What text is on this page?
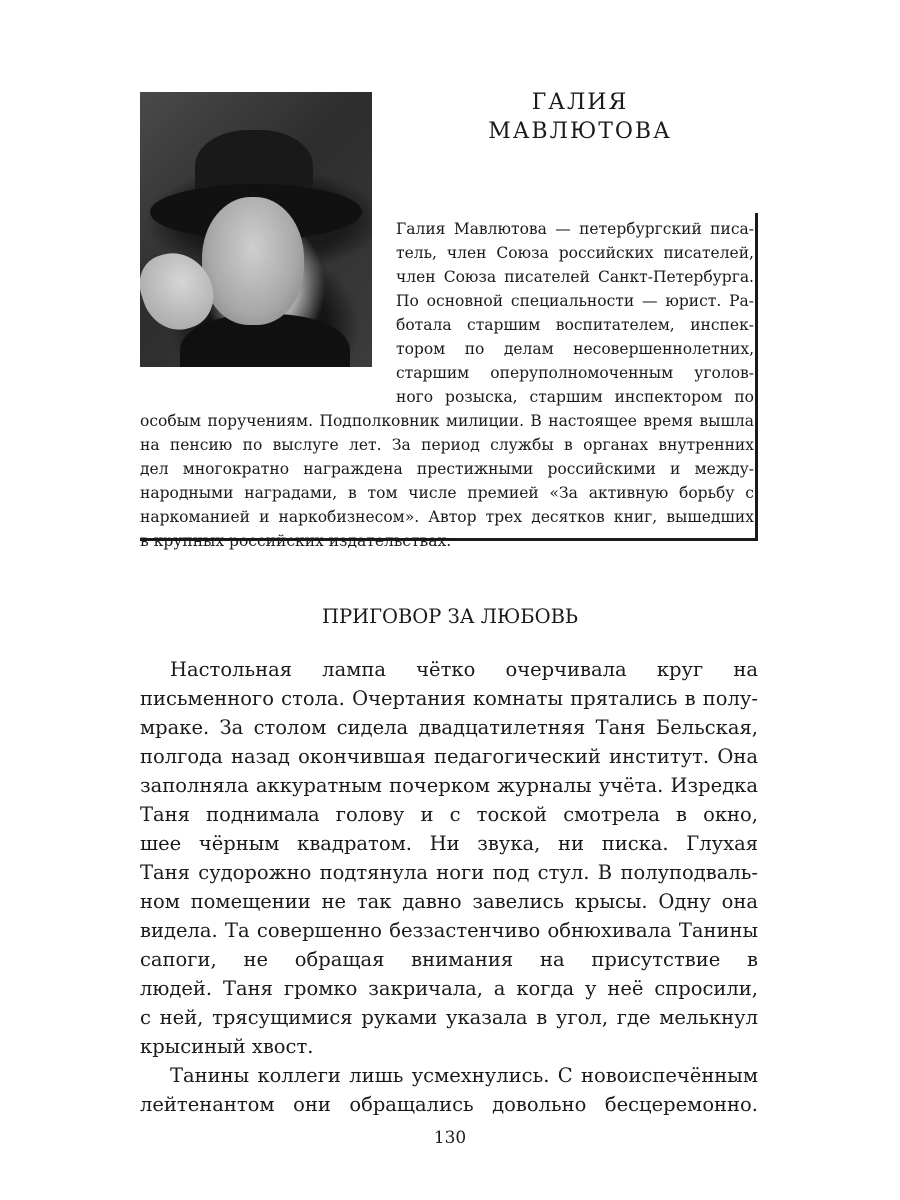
ГАЛИЯ
МАВЛЮТОВА
Галия Мавлютова — петербургский писа-
тель, член Союза российских писателей,
член Союза писателей Санкт-Петербурга.
По основной специальности — юрист. Ра-
ботала старшим воспитателем, инспек-
тором по делам несовершеннолетних,
старшим оперуполномоченным уголов-
ного розыска, старшим инспектором по
особым поручениям. Подполковник милиции. В настоящее время вышла
на пенсию по выслуге лет. За период службы в органах внутренних
дел многократно награждена престижными российскими и между-
народными наградами, в том числе премией «За активную борьбу с
наркоманией и наркобизнесом». Автор трех десятков книг, вышедших
в крупных российских издательствах.
ПРИГОВОР ЗА ЛЮБОВЬ
Настольная лампа чётко очерчивала круг на
письменного стола. Очертания комнаты прятались в полу-
мраке. За столом сидела двадцатилетняя Таня Бельская,
полгода назад окончившая педагогический институт. Она
заполняла аккуратным почерком журналы учёта. Изредка
Таня поднимала голову и с тоской смотрела в окно,
шее чёрным квадратом. Ни звука, ни писка. Глухая
Таня судорожно подтянула ноги под стул. В полуподваль-
ном помещении не так давно завелись крысы. Одну она
видела. Та совершенно беззастенчиво обнюхивала Танины
сапоги, не обращая внимания на присутствие в
людей. Таня громко закричала, а когда у неё спросили,
с ней, трясущимися руками указала в угол, где мелькнул
крысиный хвост.
Танины коллеги лишь усмехнулись. С новоиспечённым
лейтенантом они обращались довольно бесцеремонно.
130
